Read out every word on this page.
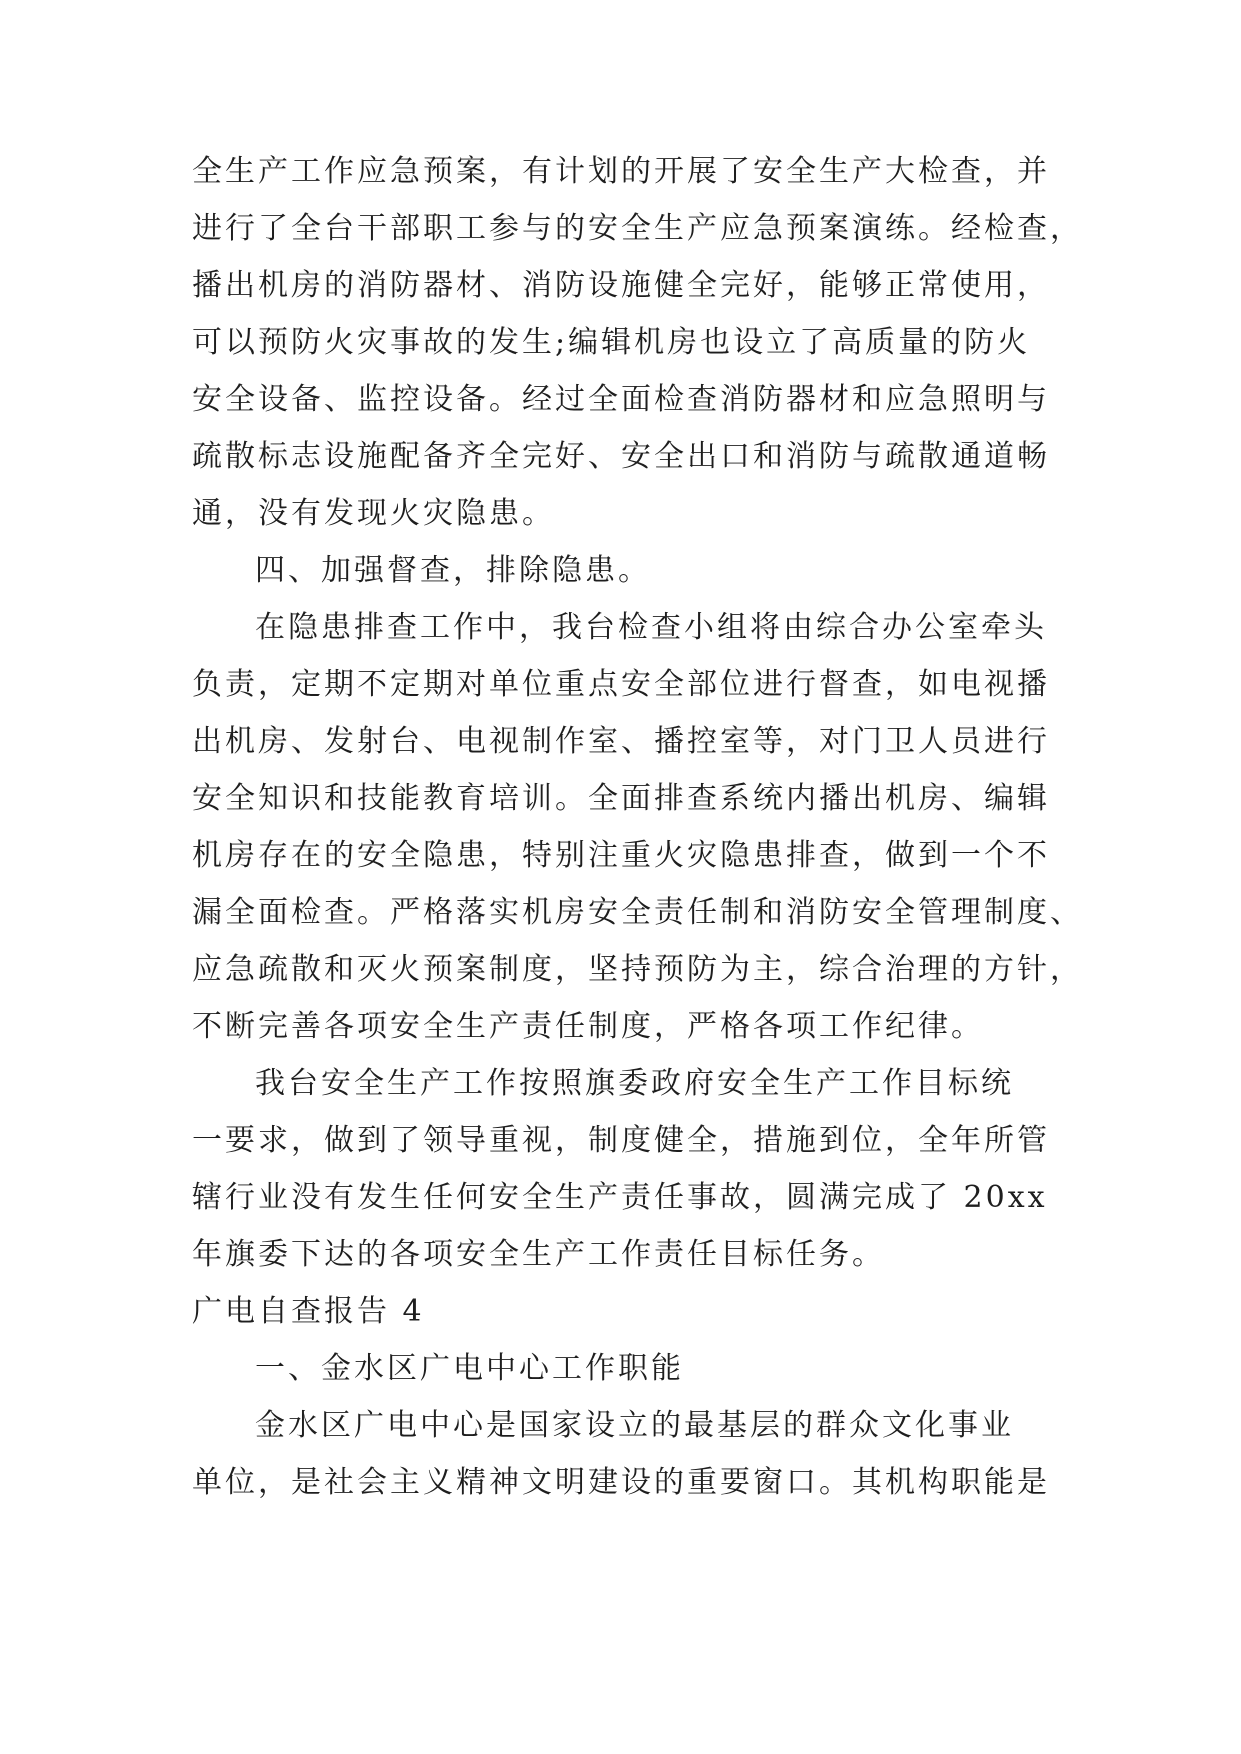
全生产工作应急预案，有计划的开展了安全生产大检查，并
进行了全台干部职工参与的安全生产应急预案演练。经检查，
播出机房的消防器材、消防设施健全完好，能够正常使用，
可以预防火灾事故的发生;编辑机房也设立了高质量的防火
安全设备、监控设备。经过全面检查消防器材和应急照明与
疏散标志设施配备齐全完好、安全出口和消防与疏散通道畅
通，没有发现火灾隐患。
四、加强督查，排除隐患。
在隐患排查工作中，我台检查小组将由综合办公室牵头
负责，定期不定期对单位重点安全部位进行督查，如电视播
出机房、发射台、电视制作室、播控室等，对门卫人员进行
安全知识和技能教育培训。全面排查系统内播出机房、编辑
机房存在的安全隐患，特别注重火灾隐患排查，做到一个不
漏全面检查。严格落实机房安全责任制和消防安全管理制度、
应急疏散和灭火预案制度，坚持预防为主，综合治理的方针，
不断完善各项安全生产责任制度，严格各项工作纪律。
我台安全生产工作按照旗委政府安全生产工作目标统
一要求，做到了领导重视，制度健全，措施到位，全年所管
辖行业没有发生任何安全生产责任事故，圆满完成了 20xx
年旗委下达的各项安全生产工作责任目标任务。
广电自查报告 4
一、金水区广电中心工作职能
金水区广电中心是国家设立的最基层的群众文化事业
单位，是社会主义精神文明建设的重要窗口。其机构职能是
